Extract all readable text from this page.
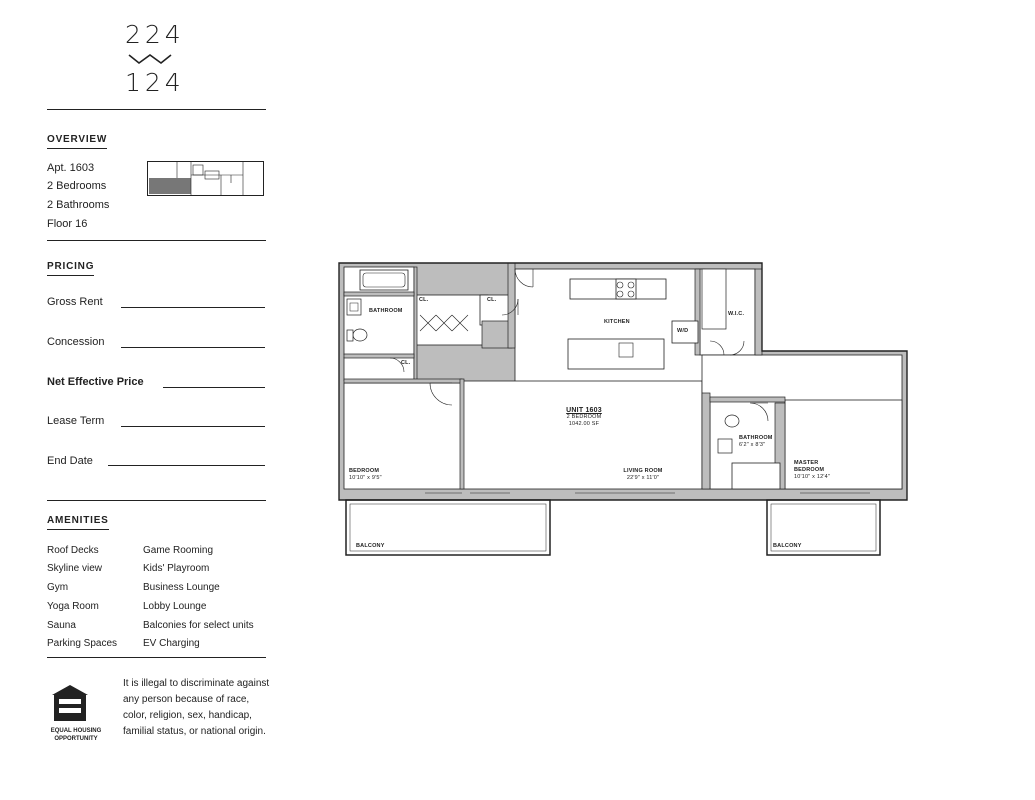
224
124
OVERVIEW
Apt. 1603
2 Bedrooms
2 Bathrooms
Floor 16
PRICING
Gross Rent
Concession
Net Effective Price
Lease Term
End Date
AMENITIES
Roof Decks
Skyline view
Gym
Yoga Room
Sauna
Parking Spaces
Game Rooming
Kids' Playroom
Business Lounge
Lobby Lounge
Balconies for select units
EV Charging
EQUAL HOUSING OPPORTUNITY
It is illegal to discriminate against any person because of race, color, religion, sex, handicap, familial status, or national origin.
BATHROOM
CL.	CL.
CL.
KITCHEN
W/D
W.I.C.
UNIT 1603
2 BEDROOM
1042.00 SF
BEDROOM
10'10" x 9'5"
LIVING ROOM
22'9" x 11'0"
BATHROOM
6'2" x 8'3"
MASTER BEDROOM
10'10" x 12'4"
BALCONY	BALCONY
